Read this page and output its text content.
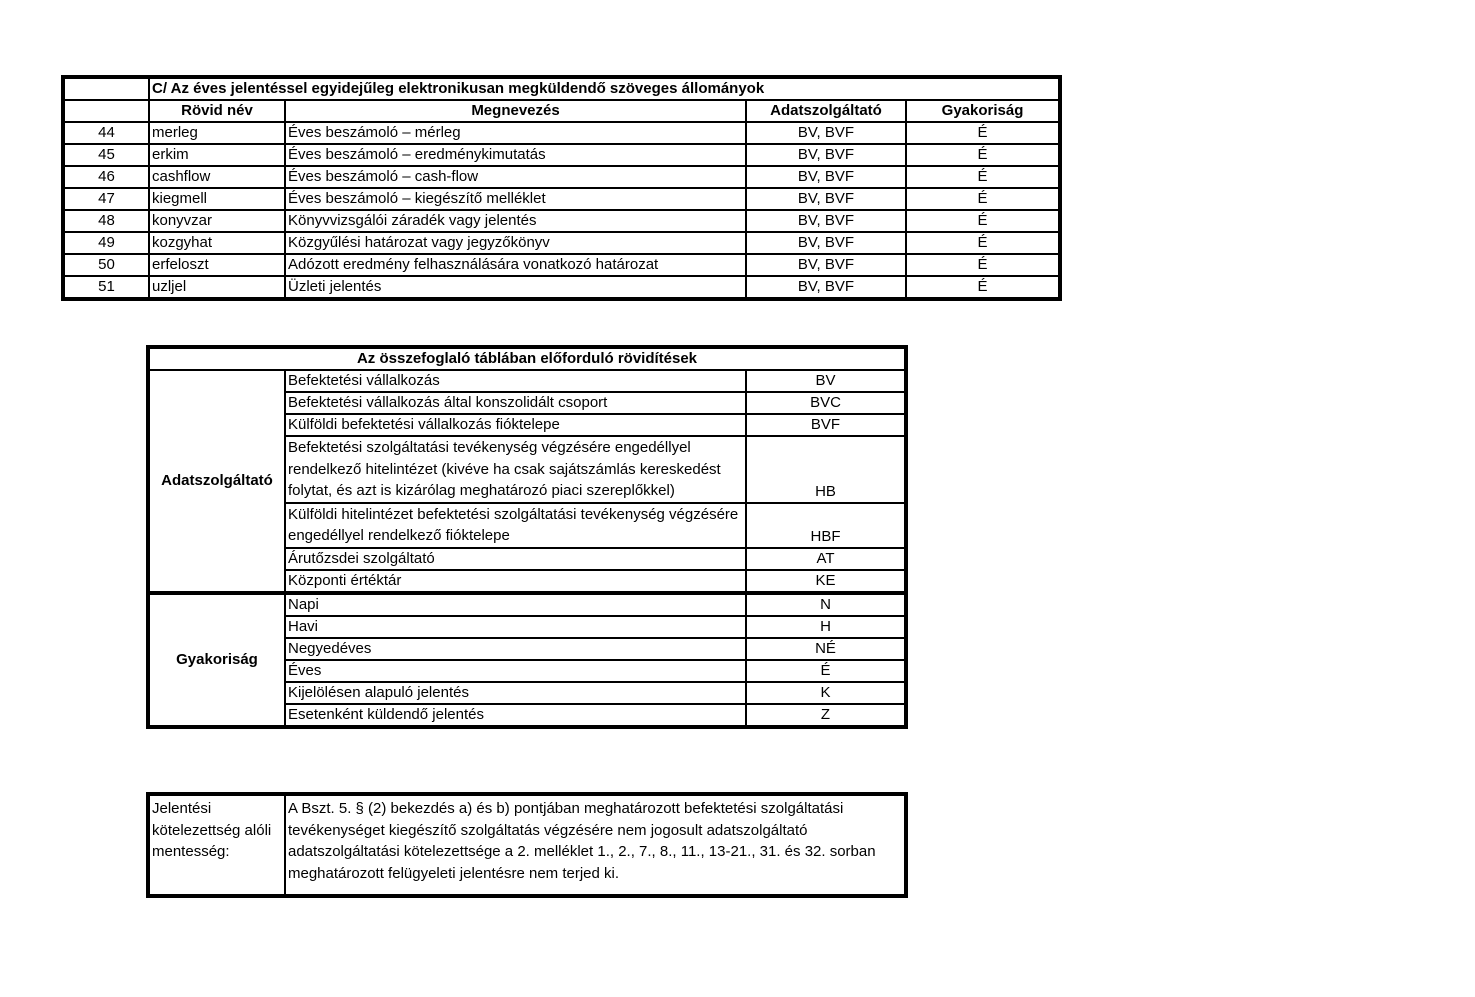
	C/ Az éves jelentéssel egyidejűleg elektronikusan megküldendő szöveges állományok			
	Rövid név	Megnevezés	Adatszolgáltató	Gyakoriság
44	merleg	Éves beszámoló – mérleg	BV, BVF	É
45	erkim	Éves beszámoló – eredménykimutatás	BV, BVF	É
46	cashflow	Éves beszámoló – cash-flow	BV, BVF	É
47	kiegmell	Éves beszámoló – kiegészítő melléklet	BV, BVF	É
48	konyvzar	Könyvvizsgálói záradék vagy jelentés	BV, BVF	É
49	kozgyhat	Közgyűlési határozat vagy jegyzőkönyv	BV, BVF	É
50	erfeloszt	Adózott eredmény felhasználására vonatkozó határozat	BV, BVF	É
51	uzljel	Üzleti jelentés	BV, BVF	É
Az összefoglaló táblában előforduló rövidítések		
Adatszolgáltató	Befektetési vállalkozás	BV
	Befektetési vállalkozás által konszolidált csoport	BVC
	Külföldi befektetési vállalkozás fióktelepe	BVF
	Befektetési szolgáltatási tevékenység végzésére engedéllyel rendelkező hitelintézet (kivéve ha csak sajátszámlás kereskedést folytat, és azt is kizárólag meghatározó piaci szereplőkkel)	HB
	Külföldi hitelintézet befektetési szolgáltatási tevékenység végzésére engedéllyel rendelkező fióktelepe	HBF
	Árutőzsdei szolgáltató	AT
	Központi értéktár	KE
Gyakoriság	Napi	N
	Havi	H
	Negyedéves	NÉ
	Éves	É
	Kijelölésen alapuló jelentés	K
	Esetenként küldendő jelentés	Z
Jelentési kötelezettség alóli mentesség:	A Bszt. 5. § (2) bekezdés a) és b) pontjában meghatározott befektetési szolgáltatási tevékenységet kiegészítő szolgáltatás végzésére nem jogosult adatszolgáltató adatszolgáltatási kötelezettsége a 2. melléklet 1., 2., 7., 8., 11., 13-21., 31. és 32. sorban meghatározott felügyeleti jelentésre nem terjed ki.
